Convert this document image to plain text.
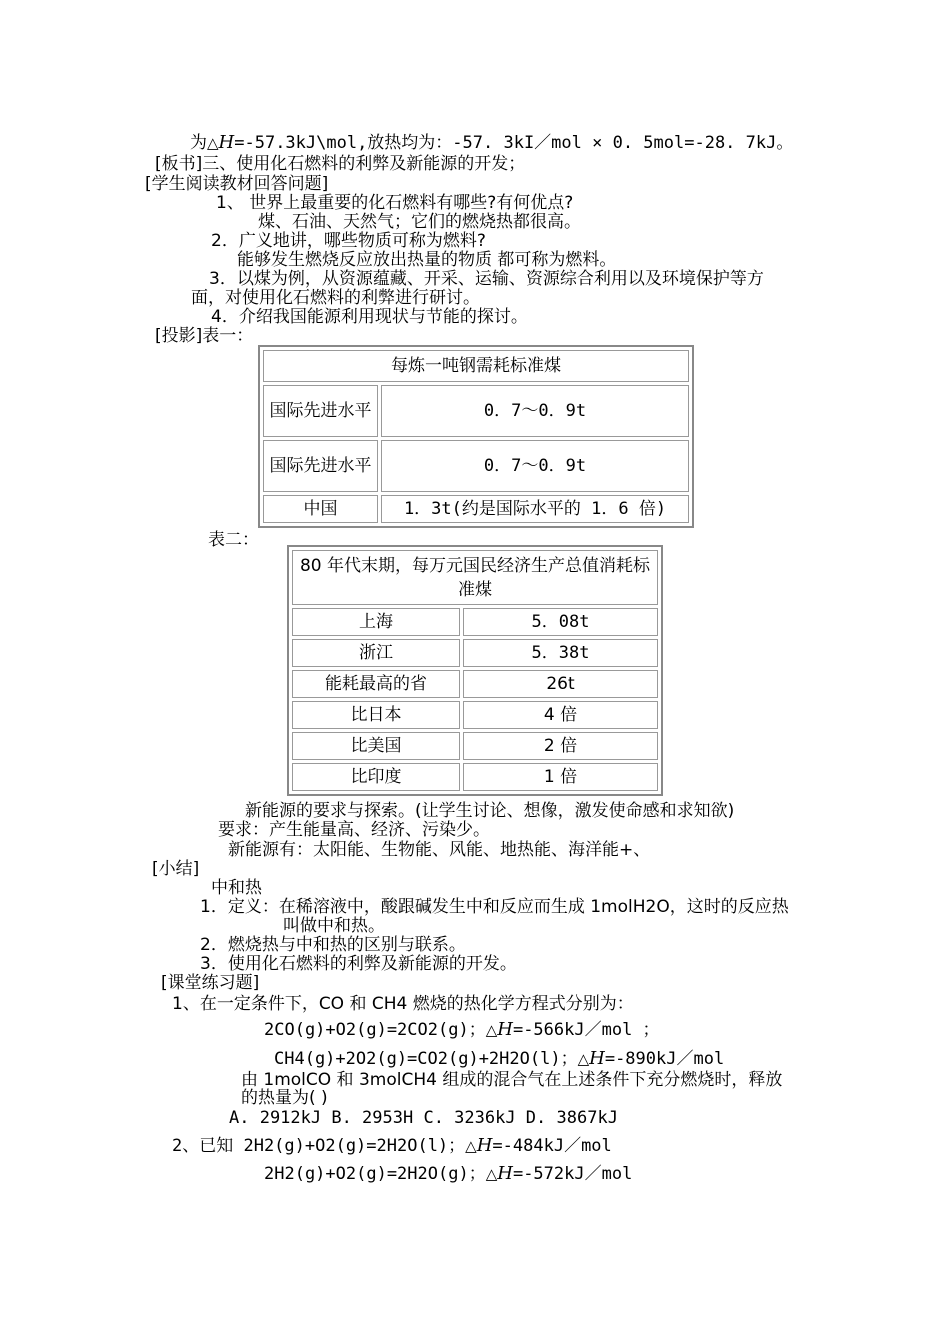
为△H=-57.3kJ\mol,放热均为：-57. 3kI／mol × 0. 5mol=-28. 7kJ。
[板书]三、使用化石燃料的利弊及新能源的开发；
[学生阅读教材回答问题]
1、 世界上最重要的化石燃料有哪些?有何优点?
煤、石油、天然气；它们的燃烧热都很高。
2．广义地讲，哪些物质可称为燃料?
能够发生燃烧反应放出热量的物质 都可称为燃料。
3．以煤为例，从资源蕴藏、开采、运输、资源综合利用以及环境保护等方
面，对使用化石燃料的利弊进行研讨。
4．介绍我国能源利用现状与节能的探讨。
[投影]表一：
每炼一吨钢需耗标准煤	
国际先进水平	0．7～0．9t
国际先进水平	0．7～0．9t
中国	1．3t(约是国际水平的 1．6 倍)
表二：
80 年代末期，每万元国民经济生产总值消耗标准煤	
上海	5．08t
浙江	5．38t
能耗最高的省	26t
比日本	4 倍
比美国	2 倍
比印度	1 倍
新能源的要求与探索。(让学生讨论、想像，激发使命感和求知欲)
要求：产生能量高、经济、污染少。
新能源有：太阳能、生物能、风能、地热能、海洋能+、
[小结]
中和热
1．定义：在稀溶液中，酸跟碱发生中和反应而生成 1molH2O，这时的反应热
叫做中和热。
2．燃烧热与中和热的区别与联系。
3．使用化石燃料的利弊及新能源的开发。
[课堂练习题]
1、在一定条件下，CO 和 CH4 燃烧的热化学方程式分别为：
2CO(g)+O2(g)=2CO2(g)；△H=-566kJ／mol ；
CH4(g)+2O2(g)=CO2(g)+2H2O(l)；△H=-890kJ／mol
由 1molCO 和 3molCH4 组成的混合气在上述条件下充分燃烧时，释放
的热量为( )
A. 2912kJ B. 2953H C. 3236kJ D. 3867kJ
2、已知 2H2(g)+O2(g)=2H2O(l)；△H=-484kJ／mol
2H2(g)+O2(g)=2H2O(g)；△H=-572kJ／mol
